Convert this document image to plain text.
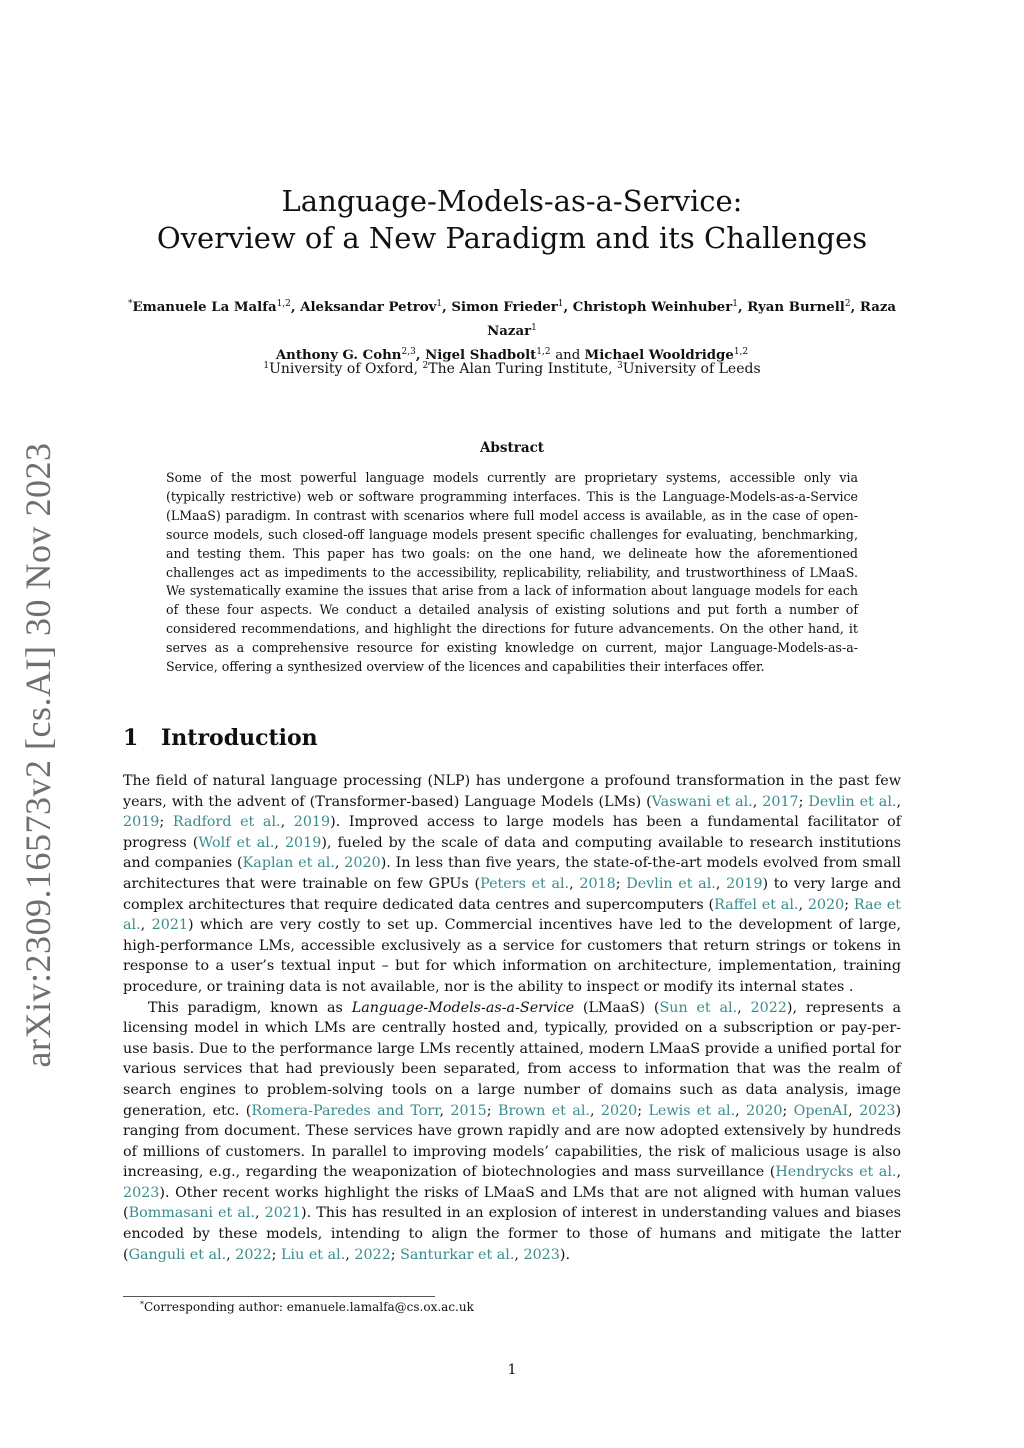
arXiv:2309.16573v2 [cs.AI] 30 Nov 2023
Language-Models-as-a-Service:
Overview of a New Paradigm and its Challenges
*Emanuele La Malfa$^{1,2}$, Aleksandar Petrov$^1$, Simon Frieder$^1$, Christoph Weinhuber$^1$, Ryan Burnell$^2$, Raza Nazar$^1$
Anthony G. Cohn$^{2,3}$, Nigel Shadbolt$^{1,2}$ and Michael Wooldridge$^{1,2}$
$^1$University of Oxford, $^2$The Alan Turing Institute, $^3$University of Leeds
Abstract

Some of the most powerful language models currently are proprietary systems, accessible only via (typically restrictive) web or software programming interfaces. This is the Language-Models-as-a-Service (LMaaS) paradigm. In contrast with scenarios where full model access is available, as in the case of open-source models, such closed-off language models present specific challenges for evaluating, benchmarking, and testing them. This paper has two goals: on the one hand, we delineate how the aforementioned challenges act as impediments to the accessibility, replicability, reliability, and trustworthiness of LMaaS. We systematically examine the issues that arise from a lack of information about language models for each of these four aspects. We conduct a detailed analysis of existing solutions and put forth a number of considered recommendations, and highlight the directions for future advancements. On the other hand, it serves as a comprehensive resource for existing knowledge on current, major Language-Models-as-a-Service, offering a synthesized overview of the licences and capabilities their interfaces offer.

1 Introduction

The field of natural language processing (NLP) has undergone a profound transformation in the past few years, with the advent of (Transformer-based) Language Models (LMs) (Vaswani et al., 2017; Devlin et al., 2019; Radford et al., 2019). Improved access to large models has been a fundamental facilitator of progress (Wolf et al., 2019), fueled by the scale of data and computing available to research institutions and companies (Kaplan et al., 2020). In less than five years, the state-of-the-art models evolved from small architectures that were trainable on few GPUs (Peters et al., 2018; Devlin et al., 2019) to very large and complex architectures that require dedicated data centres and supercomputers (Raffel et al., 2020; Rae et al., 2021) which are very costly to set up. Commercial incentives have led to the development of large, high-performance LMs, accessible exclusively as a service for customers that return strings or tokens in response to a user’s textual input – but for which information on architecture, implementation, training procedure, or training data is not available, nor is the ability to inspect or modify its internal states .

This paradigm, known as Language-Models-as-a-Service (LMaaS) (Sun et al., 2022), represents a licensing model in which LMs are centrally hosted and, typically, provided on a subscription or pay-per-use basis. Due to the performance large LMs recently attained, modern LMaaS provide a unified portal for various services that had previously been separated, from access to information that was the realm of search engines to problem-solving tools on a large number of domains such as data analysis, image generation, etc. (Romera-Paredes and Torr, 2015; Brown et al., 2020; Lewis et al., 2020; OpenAI, 2023) ranging from document. These services have grown rapidly and are now adopted extensively by hundreds of millions of customers. In parallel to improving models’ capabilities, the risk of malicious usage is also increasing, e.g., regarding the weaponization of biotechnologies and mass surveillance (Hendrycks et al., 2023). Other recent works highlight the risks of LMaaS and LMs that are not aligned with human values (Bommasani et al., 2021). This has resulted in an explosion of interest in understanding values and biases encoded by these models, intending to align the former to those of humans and mitigate the latter (Ganguli et al., 2022; Liu et al., 2022; Santurkar et al., 2023).

*Corresponding author: emanuele.lamalfa@cs.ox.ac.uk
1
